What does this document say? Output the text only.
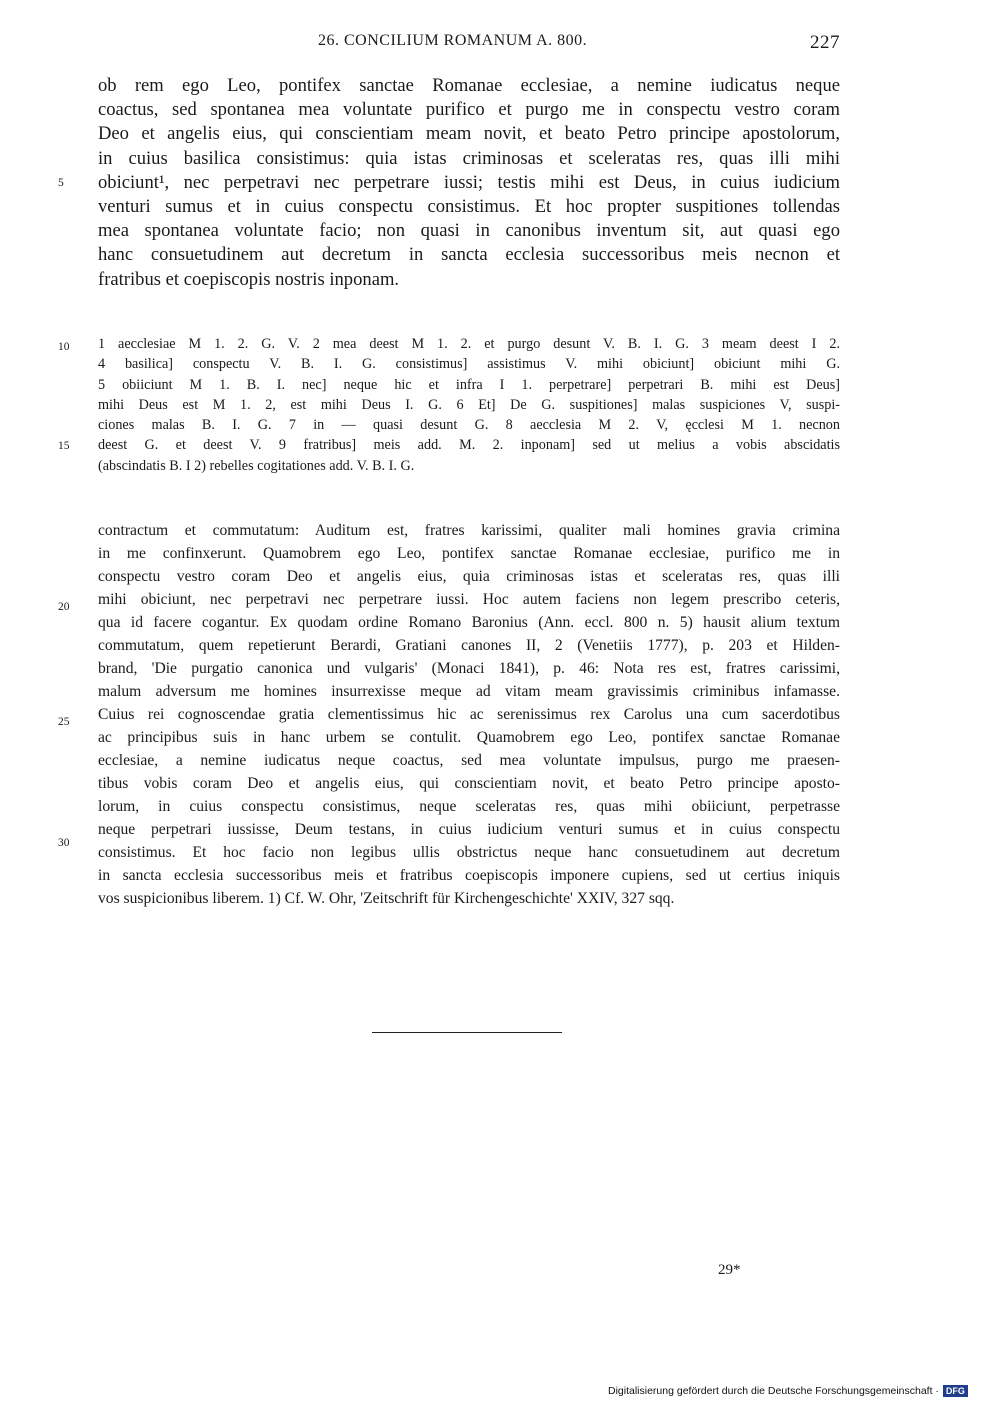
26. CONCILIUM ROMANUM A. 800.	227
ob rem ego Leo, pontifex sanctae Romanae ecclesiae, a nemine iudicatus neque
coactus, sed spontanea mea voluntate purifico et purgo me in conspectu vestro coram
Deo et angelis eius, qui conscientiam meam novit, et beato Petro principe apostolorum,
in cuius basilica consistimus: quia istas criminosas et sceleratas res, quas illi mihi
obiciunt¹, nec perpetravi nec perpetrare iussi; testis mihi est Deus, in cuius iudicium
venturi sumus et in cuius conspectu consistimus. Et hoc propter suspitiones tollendas
mea spontanea voluntate facio; non quasi in canonibus inventum sit, aut quasi ego
hanc consuetudinem aut decretum in sancta ecclesia successoribus meis necnon et
fratribus et coepiscopis nostris inponam.
1 aecclesiae M 1. 2. G. V. 2 mea deest M 1. 2. et purgo desunt V. B. I. G. 3 meam deest I 2.
4 basilica] conspectu V. B. I. G. consistimus] assistimus V. mihi obiciunt] obiciunt mihi G.
5 obiiciunt M 1. B. I. nec] neque hic et infra I 1. perpetrare] perpetrari B. mihi est Deus]
mihi Deus est M 1. 2, est mihi Deus I. G. 6 Et] De G. suspitiones] malas suspiciones V, suspi-
ciones malas B. I. G. 7 in — quasi desunt G. 8 aecclesia M 2. V, ęcclesi M 1. necnon
deest G. et deest V. 9 fratribus] meis add. M. 2. inponam] sed ut melius a vobis abscidatis
(abscindatis B. I 2) rebelles cogitationes add. V. B. I. G.
contractum et commutatum: Auditum est, fratres karissimi, qualiter mali homines gravia crimina
in me confinxerunt. Quamobrem ego Leo, pontifex sanctae Romanae ecclesiae, purifico me in
conspectu vestro coram Deo et angelis eius, quia criminosas istas et sceleratas res, quas illi
mihi obiciunt, nec perpetravi nec perpetrare iussi. Hoc autem faciens non legem prescribo ceteris,
qua id facere cogantur. Ex quodam ordine Romano Baronius (Ann. eccl. 800 n. 5) hausit alium textum
commutatum, quem repetierunt Berardi, Gratiani canones II, 2 (Venetiis 1777), p. 203 et Hilden-
brand, 'Die purgatio canonica und vulgaris' (Monaci 1841), p. 46: Nota res est, fratres carissimi,
malum adversum me homines insurrexisse meque ad vitam meam gravissimis criminibus infamasse.
Cuius rei cognoscendae gratia clementissimus hic ac serenissimus rex Carolus una cum sacerdotibus
ac principibus suis in hanc urbem se contulit. Quamobrem ego Leo, pontifex sanctae Romanae
ecclesiae, a nemine iudicatus neque coactus, sed mea voluntate impulsus, purgo me praesen-
tibus vobis coram Deo et angelis eius, qui conscientiam novit, et beato Petro principe aposto-
lorum, in cuius conspectu consistimus, neque sceleratas res, quas mihi obiiciunt, perpetrasse
neque perpetrari iussisse, Deum testans, in cuius iudicium venturi sumus et in cuius conspectu
consistimus. Et hoc facio non legibus ullis obstrictus neque hanc consuetudinem aut decretum
in sancta ecclesia successoribus meis et fratribus coepiscopis imponere cupiens, sed ut certius iniquis
vos suspicionibus liberem. 1) Cf. W. Ohr, 'Zeitschrift für Kirchengeschichte' XXIV, 327 sqq.
5
10
15
20
25
30
29*
Digitalisierung gefördert durch die Deutsche Forschungsgemeinschaft · DFG
